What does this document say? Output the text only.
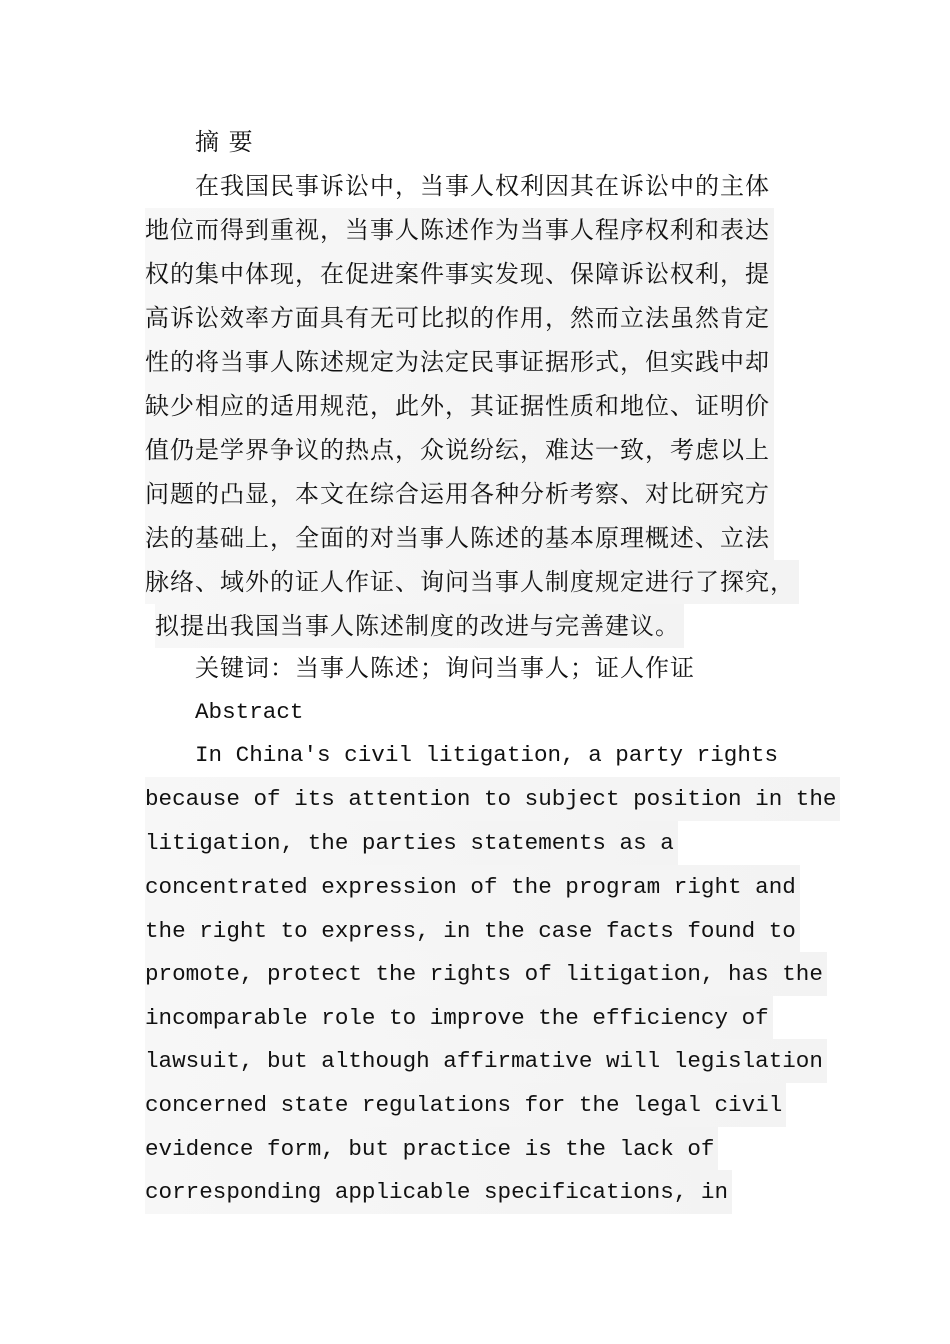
摘 要
在我国民事诉讼中，当事人权利因其在诉讼中的主体
地位而得到重视，当事人陈述作为当事人程序权利和表达
权的集中体现，在促进案件事实发现、保障诉讼权利，提
高诉讼效率方面具有无可比拟的作用，然而立法虽然肯定
性的将当事人陈述规定为法定民事证据形式，但实践中却
缺少相应的适用规范，此外，其证据性质和地位、证明价
值仍是学界争议的热点，众说纷纭，难达一致，考虑以上
问题的凸显，本文在综合运用各种分析考察、对比研究方
法的基础上，全面的对当事人陈述的基本原理概述、立法
脉络、域外的证人作证、询问当事人制度规定进行了探究，
拟提出我国当事人陈述制度的改进与完善建议。
关键词：当事人陈述；询问当事人；证人作证
Abstract
In China's civil litigation, a party rights
because of its attention to subject position in the
litigation, the parties statements as a
concentrated expression of the program right and
the right to express, in the case facts found to
promote, protect the rights of litigation, has the
incomparable role to improve the efficiency of
lawsuit, but although affirmative will legislation
concerned state regulations for the legal civil
evidence form, but practice is the lack of
corresponding applicable specifications, in
